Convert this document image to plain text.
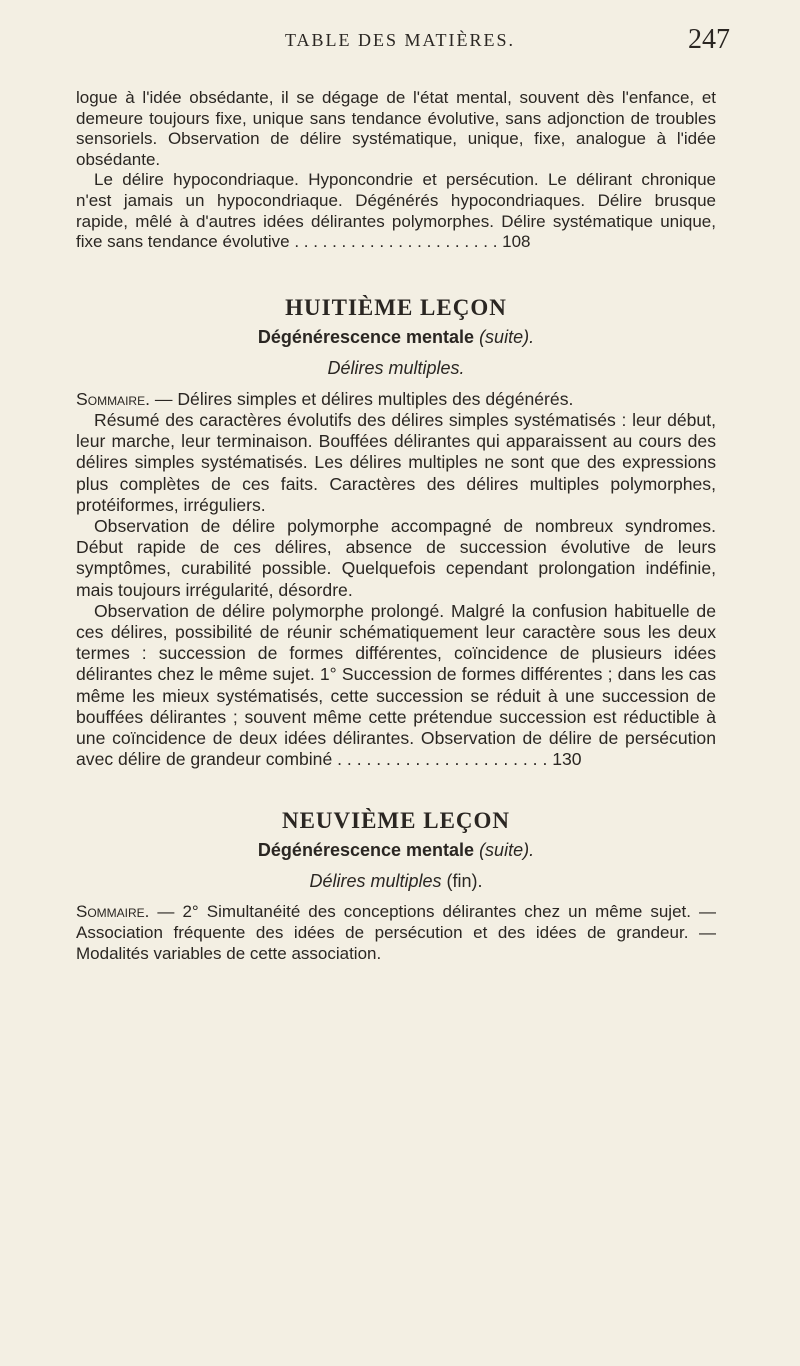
TABLE DES MATIÈRES.	247

logue à l'idée obsédante, il se dégage de l'état mental, souvent dès l'enfance, et demeure toujours fixe, unique sans tendance évolutive, sans adjonction de troubles sensoriels. Observation de délire systématique, unique, fixe, analogue à l'idée obsédante.

Le délire hypocondriaque. Hyponcondrie et persécution. Le délirant chronique n'est jamais un hypocondriaque. Dégénérés hypocondriaques. Délire brusque rapide, mêlé à d'autres idées délirantes polymorphes. Délire systématique unique, fixe sans tendance évolutive . . . . . . . . . . . . . . . . . . . . . . 108

HUITIÈME LEÇON
Dégénérescence mentale (suite).
Délires multiples.

Sommaire. — Délires simples et délires multiples des dégénérés.

Résumé des caractères évolutifs des délires simples systématisés : leur début, leur marche, leur terminaison. Bouffées délirantes qui apparaissent au cours des délires simples systématisés. Les délires multiples ne sont que des expressions plus complètes de ces faits. Caractères des délires multiples polymorphes, protéiformes, irréguliers.

Observation de délire polymorphe accompagné de nombreux syndromes. Début rapide de ces délires, absence de succession évolutive de leurs symptômes, curabilité possible. Quelquefois cependant prolongation indéfinie, mais toujours irrégularité, désordre.

Observation de délire polymorphe prolongé. Malgré la confusion habituelle de ces délires, possibilité de réunir schématiquement leur caractère sous les deux termes : succession de formes différentes, coïncidence de plusieurs idées délirantes chez le même sujet. 1° Succession de formes différentes ; dans les cas même les mieux systématisés, cette succession se réduit à une succession de bouffées délirantes ; souvent même cette prétendue succession est réductible à une coïncidence de deux idées délirantes. Observation de délire de persécution avec délire de grandeur combiné . . . . . . . . . . . . . . . . . . . . . . 130

NEUVIÈME LEÇON
Dégénérescence mentale (suite).
Délires multiples (fin).

Sommaire. — 2° Simultanéité des conceptions délirantes chez un même sujet. — Association fréquente des idées de persécution et des idées de grandeur. — Modalités variables de cette association.
